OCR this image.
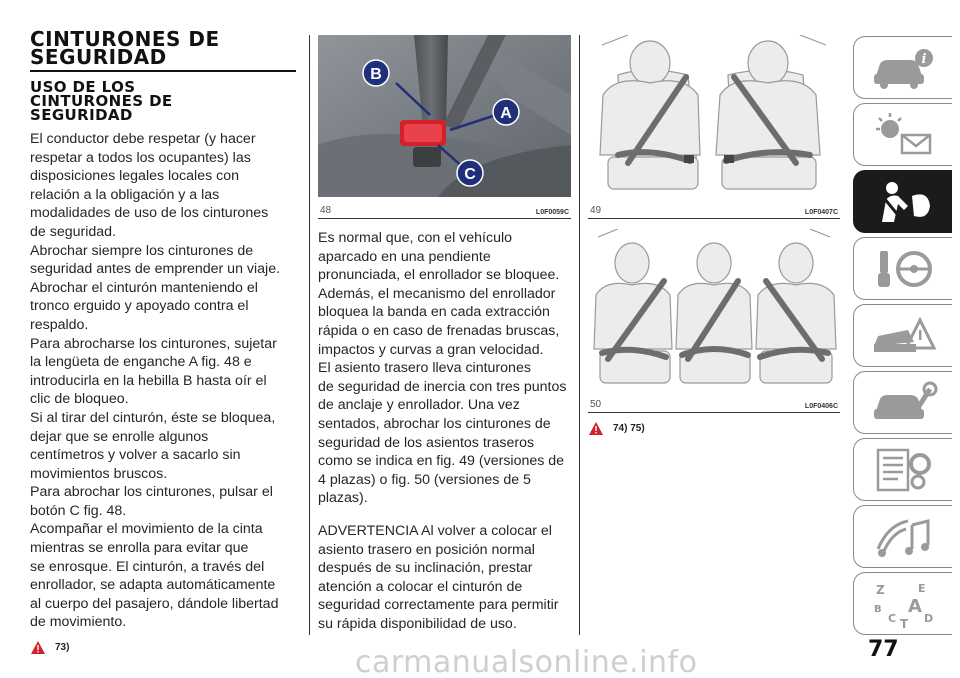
CINTURONES DE
SEGURIDAD
USO DE LOS
CINTURONES DE
SEGURIDAD
El conductor debe respetar (y hacer
respetar a todos los ocupantes) las
disposiciones legales locales con
relación a la obligación y a las
modalidades de uso de los cinturones
de seguridad.
Abrochar siempre los cinturones de
seguridad antes de emprender un viaje.
Abrochar el cinturón manteniendo el
tronco erguido y apoyado contra el
respaldo.
Para abrocharse los cinturones, sujetar
la lengüeta de enganche A fig. 48 e
introducirla en la hebilla B hasta oír el
clic de bloqueo.
Si al tirar del cinturón, éste se bloquea,
dejar que se enrolle algunos
centímetros y volver a sacarlo sin
movimientos bruscos.
Para abrochar los cinturones, pulsar el
botón C fig. 48.
Acompañar el movimiento de la cinta
mientras se enrolla para evitar que
se enrosque. El cinturón, a través del
enrollador, se adapta automáticamente
al cuerpo del pasajero, dándole libertad
de movimiento.
73)
B
A
C
48	L0F0059C
Es normal que, con el vehículo
aparcado en una pendiente
pronunciada, el enrollador se bloquee.
Además, el mecanismo del enrollador
bloquea la banda en cada extracción
rápida o en caso de frenadas bruscas,
impactos y curvas a gran velocidad.
El asiento trasero lleva cinturones
de seguridad de inercia con tres puntos
de anclaje y enrollador. Una vez
sentados, abrochar los cinturones de
seguridad de los asientos traseros
como se indica en fig. 49 (versiones de
4 plazas) o fig. 50 (versiones de 5
plazas).
ADVERTENCIA Al volver a colocar el
asiento trasero en posición normal
después de su inclinación, prestar
atención a colocar el cinturón de
seguridad correctamente para permitir
su rápida disponibilidad de uso.
49	L0F0407C
50	L0F0406C
74) 75)
i
Z	E
B A
C T D
77
carmanualsonline.info
